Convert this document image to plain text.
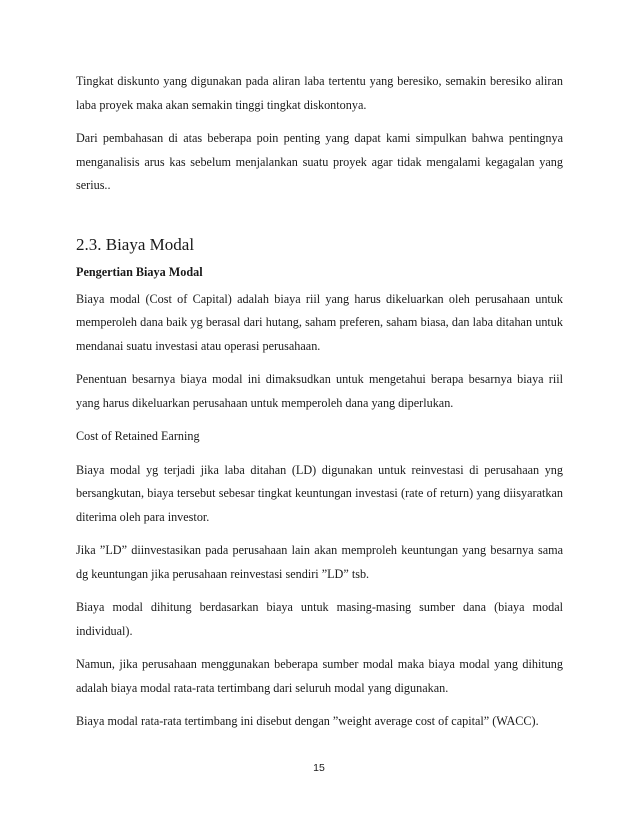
Tingkat diskunto yang digunakan pada aliran laba tertentu yang beresiko, semakin beresiko aliran laba proyek maka akan semakin tinggi tingkat diskontonya.

Dari pembahasan di atas beberapa poin penting yang dapat kami simpulkan bahwa pentingnya menganalisis arus kas sebelum menjalankan suatu proyek agar tidak mengalami kegagalan yang serius..

2.3. Biaya Modal
Pengertian Biaya Modal

Biaya modal (Cost of Capital) adalah biaya riil yang harus dikeluarkan oleh perusahaan untuk memperoleh dana baik yg berasal dari hutang, saham preferen, saham biasa, dan laba ditahan untuk mendanai suatu investasi atau operasi perusahaan.

Penentuan besarnya biaya modal ini dimaksudkan untuk mengetahui berapa besarnya biaya riil yang harus dikeluarkan perusahaan untuk memperoleh dana yang diperlukan.

Cost of Retained Earning

Biaya modal yg terjadi jika laba ditahan (LD) digunakan untuk reinvestasi di perusahaan yng bersangkutan, biaya tersebut sebesar tingkat keuntungan investasi (rate of return) yang diisyaratkan diterima oleh para investor.

Jika ”LD” diinvestasikan pada perusahaan lain akan memproleh keuntungan yang besarnya sama dg keuntungan jika perusahaan reinvestasi sendiri ”LD” tsb.

Biaya modal dihitung berdasarkan biaya untuk masing-masing sumber dana (biaya modal individual).

Namun, jika perusahaan menggunakan beberapa sumber modal maka biaya modal yang dihitung adalah biaya modal rata-rata tertimbang dari seluruh modal yang digunakan.

Biaya modal rata-rata tertimbang ini disebut dengan ”weight average cost of capital” (WACC).

15
